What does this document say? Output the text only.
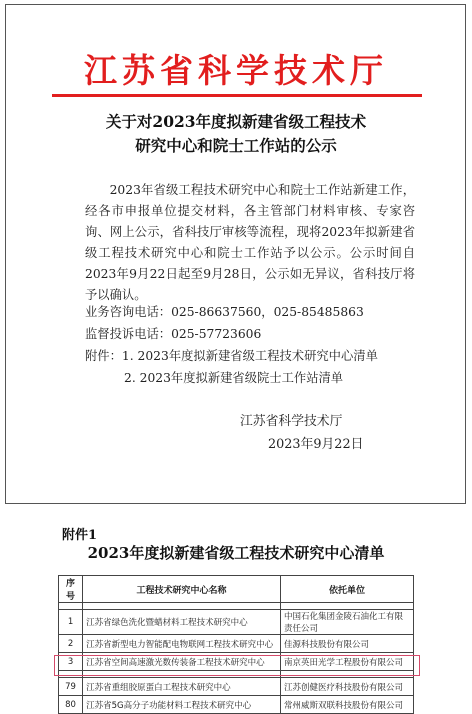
江苏省科学技术厅
关于对2023年度拟新建省级工程技术
研究中心和院士工作站的公示

2023年省级工程技术研究中心和院士工作站新建工作，经各市申报单位提交材料，各主管部门材料审核、专家咨询、网上公示，省科技厅审核等流程，现将2023年拟新建省级工程技术研究中心和院士工作站予以公示。公示时间自2023年9月22日起至9月28日，公示如无异议，省科技厅将予以确认。

业务咨询电话：025-86637560，025-85485863
监督投诉电话：025-57723606
附件：1. 2023年度拟新建省级工程技术研究中心清单
2. 2023年度拟新建省级院士工作站清单
江苏省科学技术厅
2023年9月22日
附件1
2023年度拟新建省级工程技术研究中心清单
序号	工程技术研究中心名称	依托单位

1	江苏省绿色洗化暨蜡材料工程技术研究中心	中国石化集团金陵石油化工有限责任公司
2	江苏省新型电力智能配电物联网工程技术研究中心	佳源科技股份有限公司
3	江苏省空间高速激光数传装备工程技术研究中心	南京英田光学工程股份有限公司

79	江苏省重组胶原蛋白工程技术研究中心	江苏创健医疗科技股份有限公司
80	江苏省5G高分子功能材料工程技术研究中心	常州威斯双联科技股份有限公司
